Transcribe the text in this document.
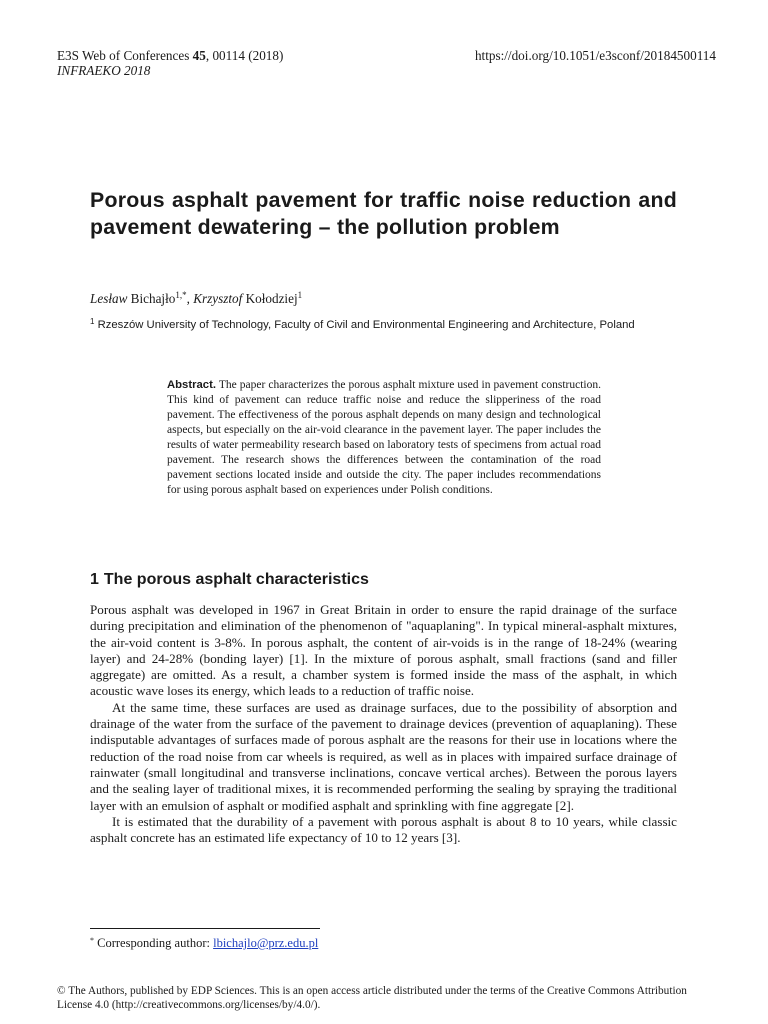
E3S Web of Conferences 45, 00114 (2018)
INFRAEKO 2018
https://doi.org/10.1051/e3sconf/20184500114
Porous asphalt pavement for traffic noise reduction and pavement dewatering – the pollution problem
Lesław Bichajło$^{1,*}$, Krzysztof Kołodziej$^1$
$^1$ Rzeszów University of Technology, Faculty of Civil and Environmental Engineering and Architecture, Poland

Abstract. The paper characterizes the porous asphalt mixture used in pavement construction. This kind of pavement can reduce traffic noise and reduce the slipperiness of the road pavement. The effectiveness of the porous asphalt depends on many design and technological aspects, but especially on the air-void clearance in the pavement layer. The paper includes the results of water permeability research based on laboratory tests of specimens from actual road pavement. The research shows the differences between the contamination of the road pavement sections located inside and outside the city. The paper includes recommendations for using porous asphalt based on experiences under Polish conditions.

1 The porous asphalt characteristics

Porous asphalt was developed in 1967 in Great Britain in order to ensure the rapid drainage of the surface during precipitation and elimination of the phenomenon of "aquaplaning". In typical mineral-asphalt mixtures, the air-void content is 3-8%. In porous asphalt, the content of air-voids is in the range of 18-24% (wearing layer) and 24-28% (bonding layer) [1]. In the mixture of porous asphalt, small fractions (sand and filler aggregate) are omitted. As a result, a chamber system is formed inside the mass of the asphalt, in which acoustic wave loses its energy, which leads to a reduction of traffic noise.

At the same time, these surfaces are used as drainage surfaces, due to the possibility of absorption and drainage of the water from the surface of the pavement to drainage devices (prevention of aquaplaning). These indisputable advantages of surfaces made of porous asphalt are the reasons for their use in locations where the reduction of the road noise from car wheels is required, as well as in places with impaired surface drainage of rainwater (small longitudinal and transverse inclinations, concave vertical arches). Between the porous layers and the sealing layer of traditional mixes, it is recommended performing the sealing by spraying the traditional layer with an emulsion of asphalt or modified asphalt and sprinkling with fine aggregate [2].

It is estimated that the durability of a pavement with porous asphalt is about 8 to 10 years, while classic asphalt concrete has an estimated life expectancy of 10 to 12 years [3].

* Corresponding author: lbichajlo@prz.edu.pl
© The Authors, published by EDP Sciences. This is an open access article distributed under the terms of the Creative Commons Attribution License 4.0 (http://creativecommons.org/licenses/by/4.0/).
